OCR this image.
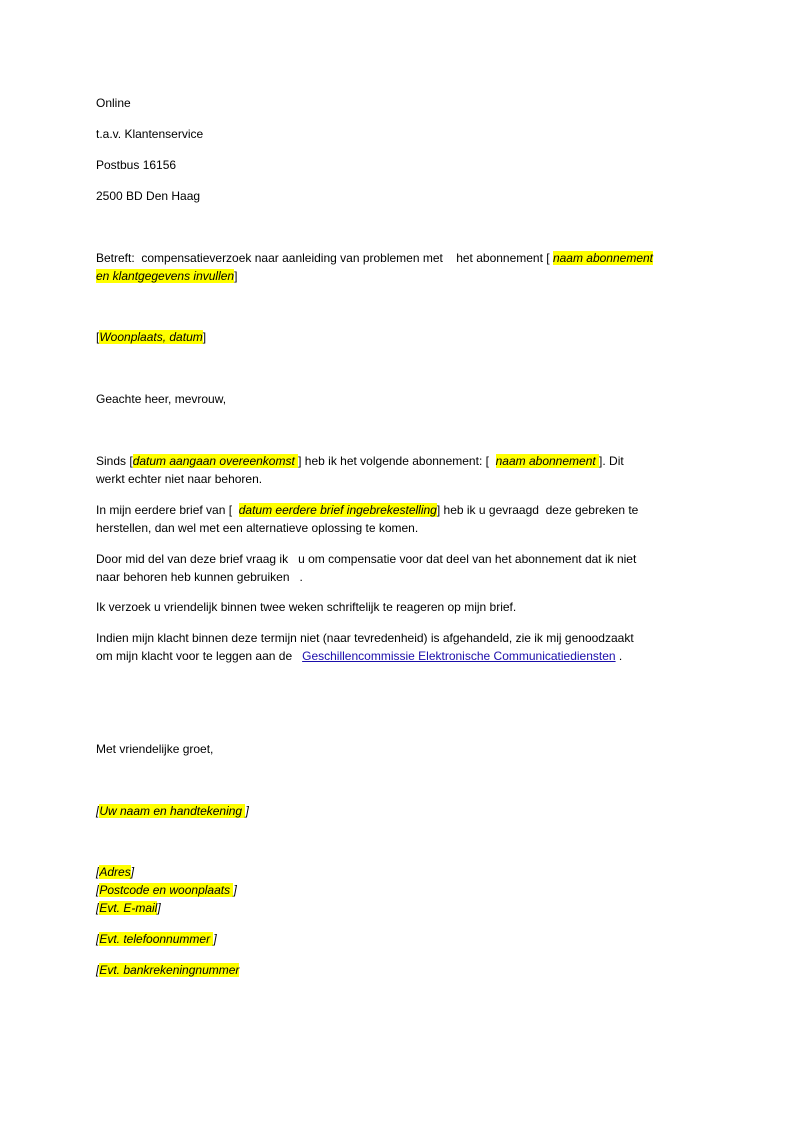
Online
t.a.v. Klantenservice
Postbus 16156
2500 BD Den Haag
Betreft:  compensatieverzoek naar aanleiding van problemen met    het abonnement [ naam abonnement
en klantgegevens invullen]
[Woonplaats, datum]
Geachte heer, mevrouw,
Sinds [datum aangaan overeenkomst ] heb ik het volgende abonnement: [  naam abonnement ]. Dit
werkt echter niet naar behoren.
In mijn eerdere brief van [  datum eerdere brief ingebrekestelling] heb ik u gevraagd  deze gebreken te
herstellen, dan wel met een alternatieve oplossing te komen.
Door mid del van deze brief vraag ik   u om compensatie voor dat deel van het abonnement dat ik niet
naar behoren heb kunnen gebruiken   .
Ik verzoek u vriendelijk binnen twee weken schriftelijk te reageren op mijn brief.
Indien mijn klacht binnen deze termijn niet (naar tevredenheid) is afgehandeld, zie ik mij genoodzaakt
om mijn klacht voor te leggen aan de   Geschillencommissie Elektronische Communicatiediensten .
Met vriendelijke groet,
[Uw naam en handtekening ]
[Adres]
[Postcode en woonplaats ]
[Evt. E-mail]
[Evt. telefoonnummer ]
[Evt. bankrekeningnummer
